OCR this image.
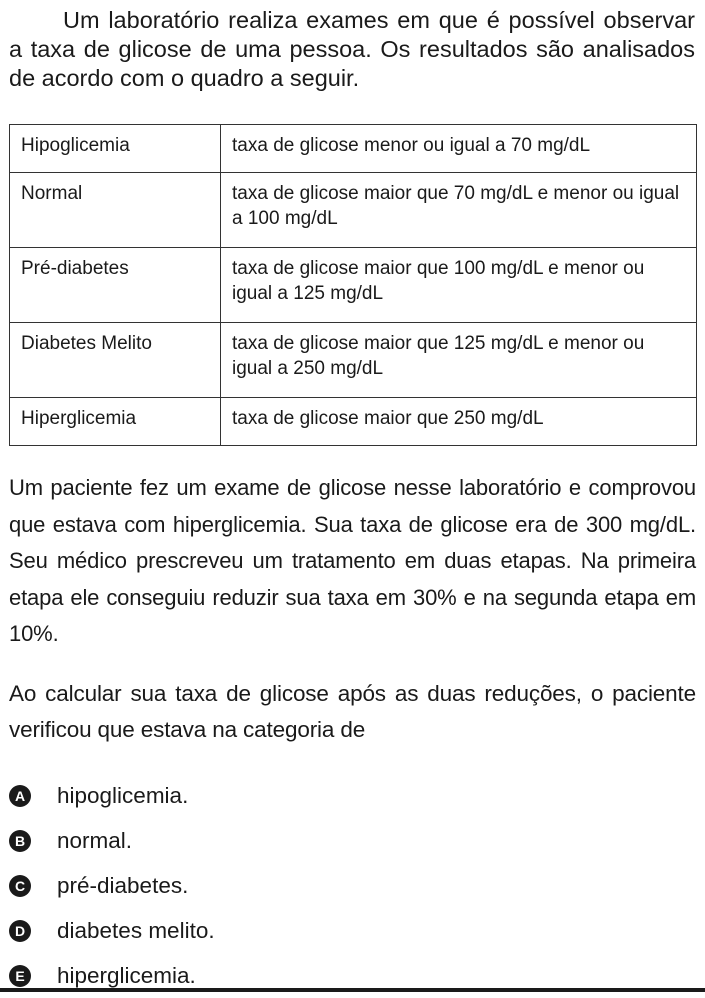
Um laboratório realiza exames em que é possível observar a taxa de glicose de uma pessoa. Os resultados são analisados de acordo com o quadro a seguir.

Hipoglicemia	taxa de glicose menor ou igual a 70 mg/dL
Normal	taxa de glicose maior que 70 mg/dL e menor ou igual a 100 mg/dL
Pré-diabetes	taxa de glicose maior que 100 mg/dL e menor ou igual a 125 mg/dL
Diabetes Melito	taxa de glicose maior que 125 mg/dL e menor ou igual a 250 mg/dL
Hiperglicemia	taxa de glicose maior que 250 mg/dL

Um paciente fez um exame de glicose nesse laboratório e comprovou que estava com hiperglicemia. Sua taxa de glicose era de 300 mg/dL. Seu médico prescreveu um tratamento em duas etapas. Na primeira etapa ele conseguiu reduzir sua taxa em 30% e na segunda etapa em 10%.

Ao calcular sua taxa de glicose após as duas reduções, o paciente verificou que estava na categoria de

A hipoglicemia.
B normal.
C pré-diabetes.
D diabetes melito.
E hiperglicemia.
